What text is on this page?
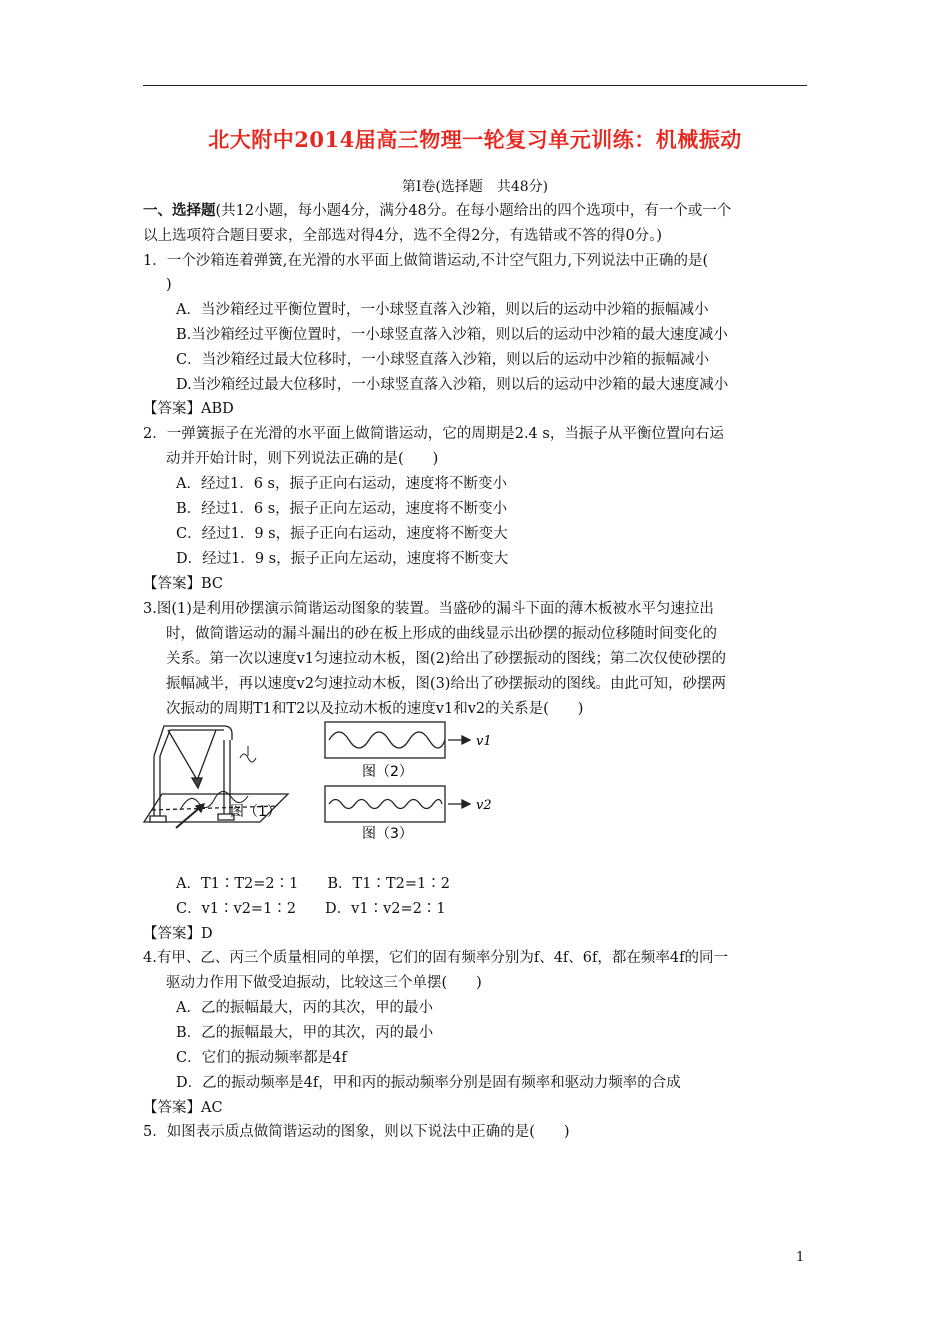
北大附中2014届高三物理一轮复习单元训练：机械振动
第Ⅰ卷(选择题　共48分)
一、选择题(共12小题，每小题4分，满分48分。在每小题给出的四个选项中，有一个或一个
以上选项符合题目要求，全部选对得4分，选不全得2分，有选错或不答的得0分。)
1．一个沙箱连着弹簧,在光滑的水平面上做简谐运动,不计空气阻力,下列说法中正确的是(
)
A．当沙箱经过平衡位置时，一小球竖直落入沙箱，则以后的运动中沙箱的振幅减小
B.当沙箱经过平衡位置时，一小球竖直落入沙箱，则以后的运动中沙箱的最大速度减小
C．当沙箱经过最大位移时，一小球竖直落入沙箱，则以后的运动中沙箱的振幅减小
D.当沙箱经过最大位移时，一小球竖直落入沙箱，则以后的运动中沙箱的最大速度减小
【答案】ABD
2．一弹簧振子在光滑的水平面上做简谐运动，它的周期是2.4 s，当振子从平衡位置向右运
动并开始计时，则下列说法正确的是(　　)
A．经过1．6 s，振子正向右运动，速度将不断变小
B．经过1．6 s，振子正向左运动，速度将不断变小
C．经过1．9 s，振子正向右运动，速度将不断变大
D．经过1．9 s，振子正向左运动，速度将不断变大
【答案】BC
3.图(1)是利用砂摆演示简谐运动图象的装置。当盛砂的漏斗下面的薄木板被水平匀速拉出
时，做简谐运动的漏斗漏出的砂在板上形成的曲线显示出砂摆的振动位移随时间变化的
关系。第一次以速度v1匀速拉动木板，图(2)给出了砂摆振动的图线；第二次仅使砂摆的
振幅减半，再以速度v2匀速拉动木板，图(3)给出了砂摆振动的图线。由此可知，砂摆两
次振动的周期T1和T2以及拉动木板的速度v1和v2的关系是(　　)
图（1）
v1
图（2）
v2
图（3）
A．T1∶T2=2∶1　　B．T1∶T2=1∶2
C．v1∶v2=1∶2　　D．v1∶v2=2∶1
【答案】D
4.有甲、乙、丙三个质量相同的单摆，它们的固有频率分别为f、4f、6f，都在频率4f的同一
驱动力作用下做受迫振动，比较这三个单摆(　　)
A．乙的振幅最大，丙的其次，甲的最小
B．乙的振幅最大，甲的其次，丙的最小
C．它们的振动频率都是4f
D．乙的振动频率是4f，甲和丙的振动频率分别是固有频率和驱动力频率的合成
【答案】AC
5．如图表示质点做简谐运动的图象，则以下说法中正确的是(　　)
1
